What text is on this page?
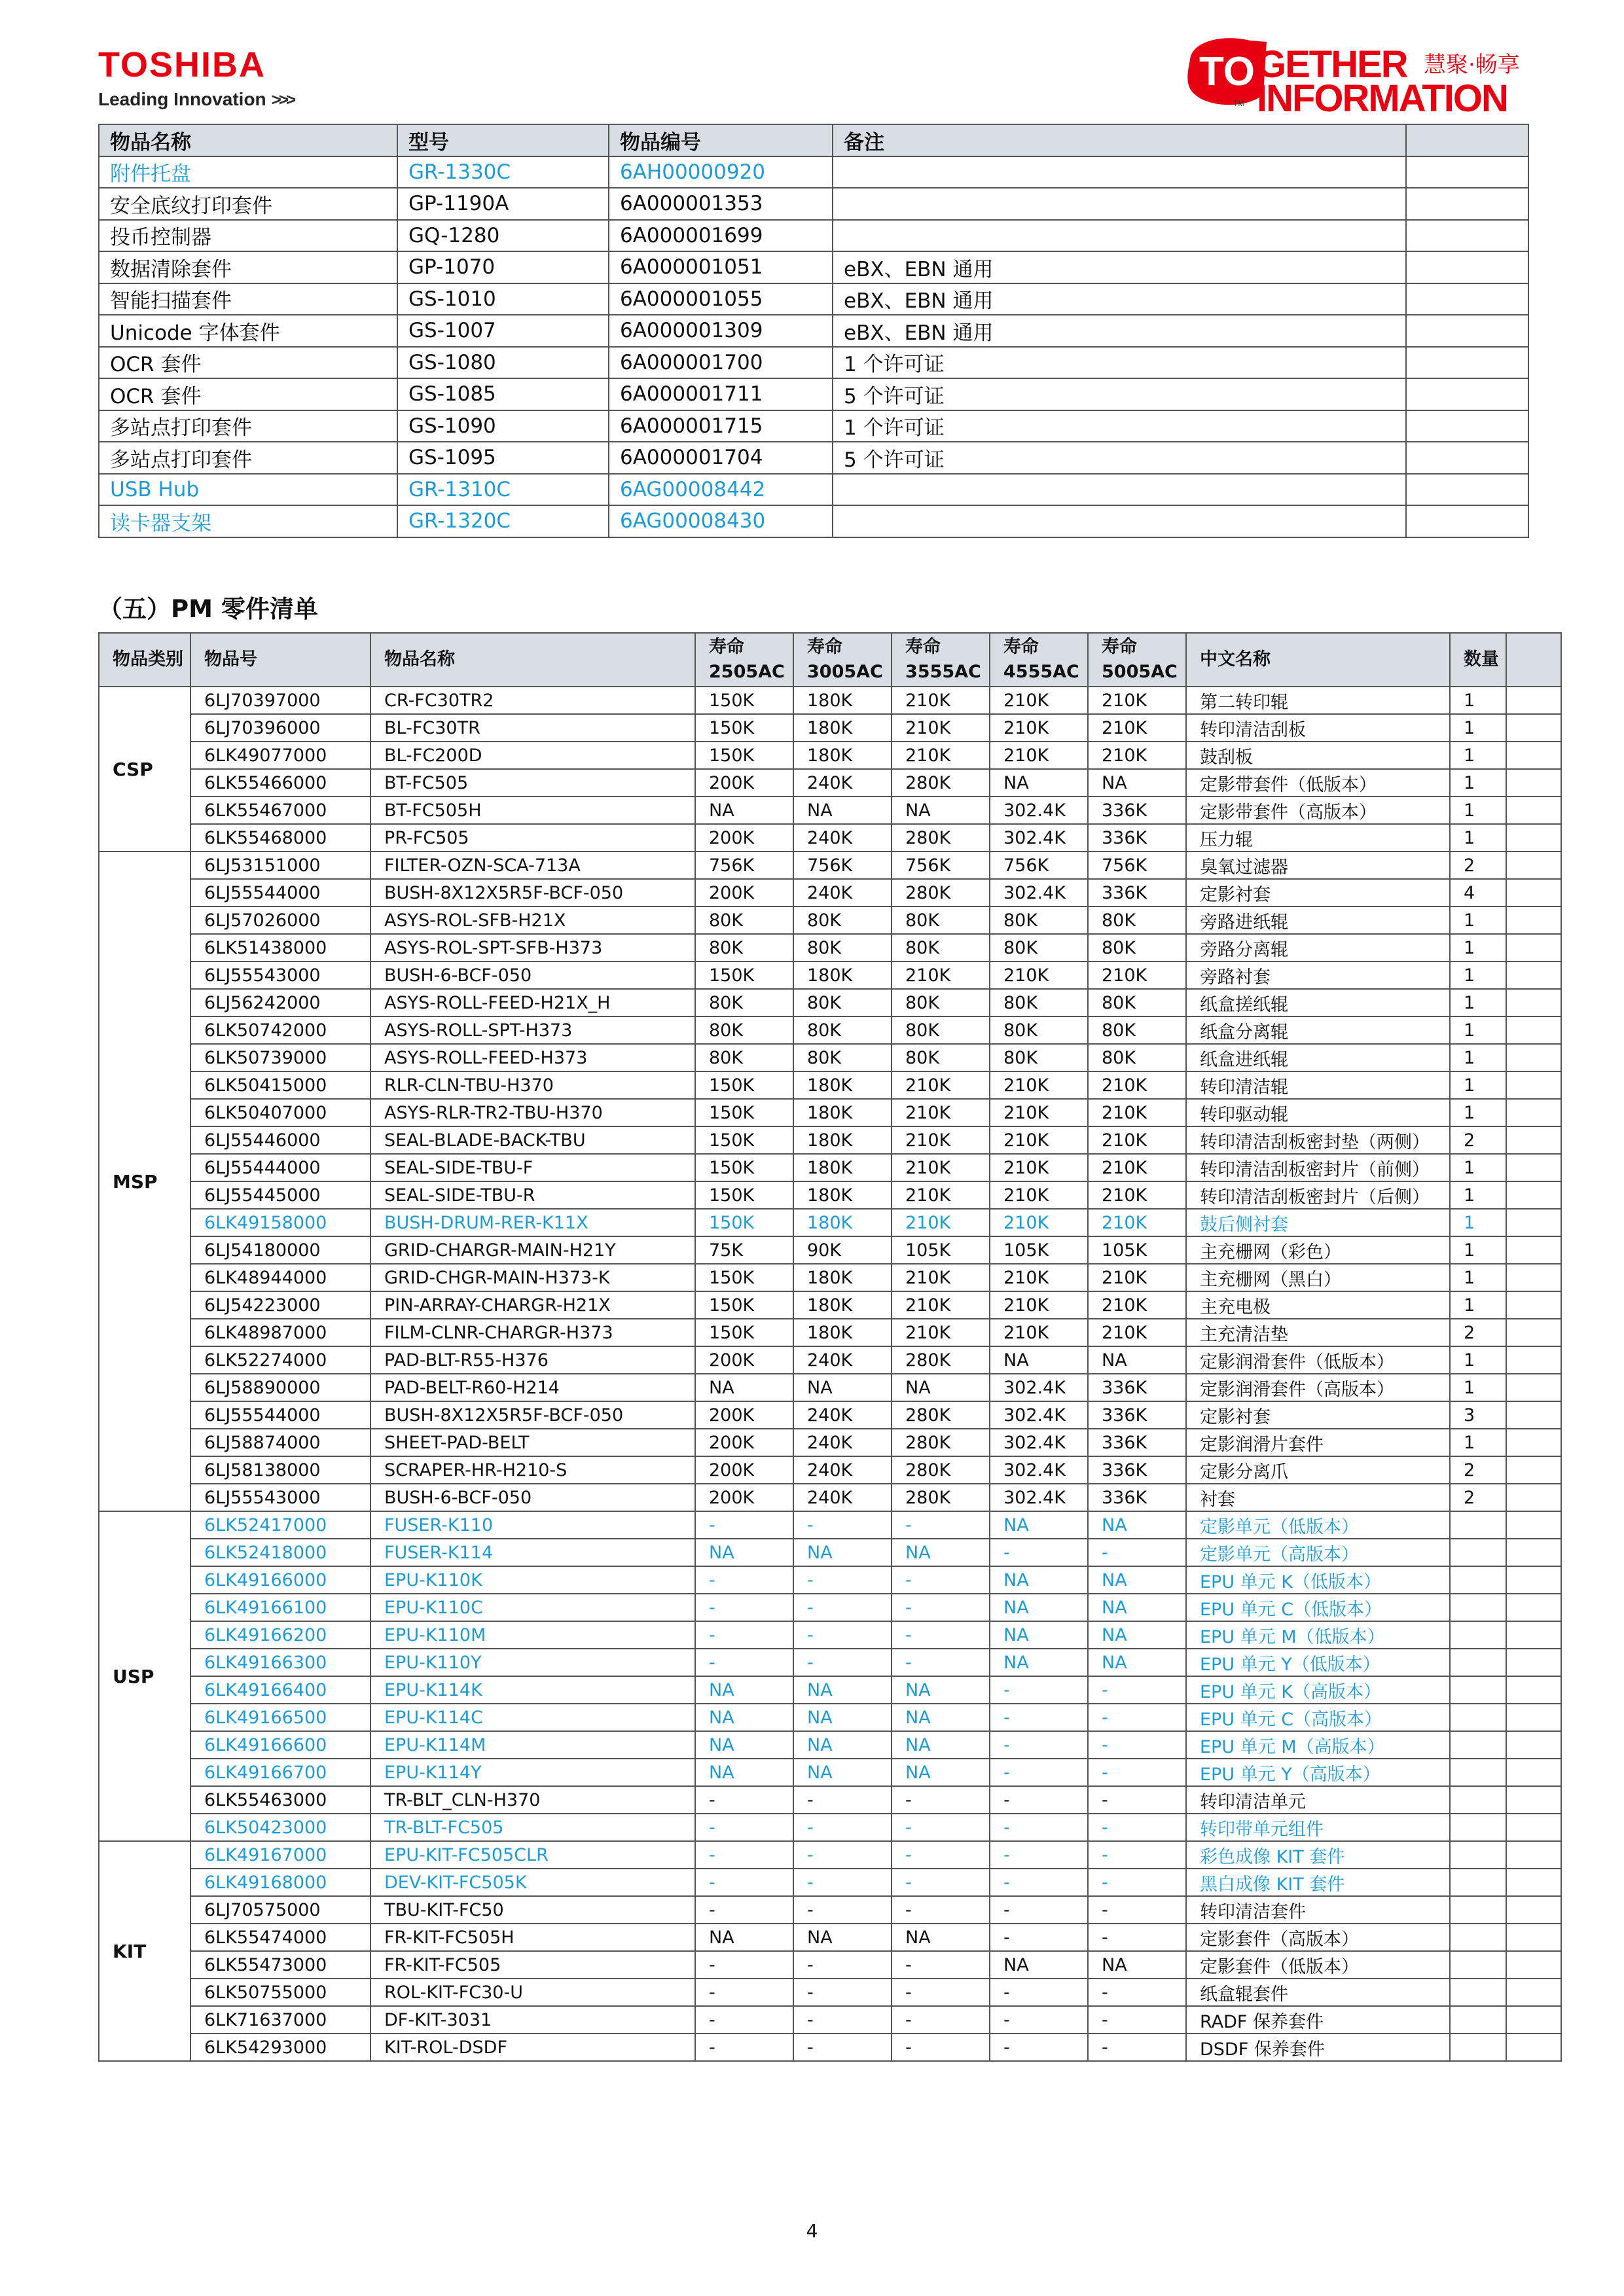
TOSHIBA
Leading Innovation >>>
TO GETHER
INFORMATION
慧聚·畅享
TM
物品名称	型号	物品编号	备注	
附件托盘	GR-1330C	6AH00000920		
安全底纹打印套件	GP-1190A	6A000001353		
投币控制器	GQ-1280	6A000001699		
数据清除套件	GP-1070	6A000001051	eBX、EBN 通用	
智能扫描套件	GS-1010	6A000001055	eBX、EBN 通用	
Unicode 字体套件	GS-1007	6A000001309	eBX、EBN 通用	
OCR 套件	GS-1080	6A000001700	1 个许可证	
OCR 套件	GS-1085	6A000001711	5 个许可证	
多站点打印套件	GS-1090	6A000001715	1 个许可证	
多站点打印套件	GS-1095	6A000001704	5 个许可证	
USB Hub	GR-1310C	6AG00008442		
读卡器支架	GR-1320C	6AG00008430		
（五）PM 零件清单
物品类别	物品号	物品名称	寿命 2505AC	寿命 3005AC	寿命 3555AC	寿命 4555AC	寿命 5005AC	中文名称	数量	
CSP	6LJ70397000	CR-FC30TR2	150K	180K	210K	210K	210K	第二转印辊	1	
	6LJ70396000	BL-FC30TR	150K	180K	210K	210K	210K	转印清洁刮板	1	
	6LK49077000	BL-FC200D	150K	180K	210K	210K	210K	鼓刮板	1	
	6LK55466000	BT-FC505	200K	240K	280K	NA	NA	定影带套件（低版本）	1	
	6LK55467000	BT-FC505H	NA	NA	NA	302.4K	336K	定影带套件（高版本）	1	
	6LK55468000	PR-FC505	200K	240K	280K	302.4K	336K	压力辊	1	
MSP	6LJ53151000	FILTER-OZN-SCA-713A	756K	756K	756K	756K	756K	臭氧过滤器	2	
	6LJ55544000	BUSH-8X12X5R5F-BCF-050	200K	240K	280K	302.4K	336K	定影衬套	4	
	6LJ57026000	ASYS-ROL-SFB-H21X	80K	80K	80K	80K	80K	旁路进纸辊	1	
	6LK51438000	ASYS-ROL-SPT-SFB-H373	80K	80K	80K	80K	80K	旁路分离辊	1	
	6LJ55543000	BUSH-6-BCF-050	150K	180K	210K	210K	210K	旁路衬套	1	
	6LJ56242000	ASYS-ROLL-FEED-H21X_H	80K	80K	80K	80K	80K	纸盒搓纸辊	1	
	6LK50742000	ASYS-ROLL-SPT-H373	80K	80K	80K	80K	80K	纸盒分离辊	1	
	6LK50739000	ASYS-ROLL-FEED-H373	80K	80K	80K	80K	80K	纸盒进纸辊	1	
	6LK50415000	RLR-CLN-TBU-H370	150K	180K	210K	210K	210K	转印清洁辊	1	
	6LK50407000	ASYS-RLR-TR2-TBU-H370	150K	180K	210K	210K	210K	转印驱动辊	1	
	6LJ55446000	SEAL-BLADE-BACK-TBU	150K	180K	210K	210K	210K	转印清洁刮板密封垫（两侧）	2	
	6LJ55444000	SEAL-SIDE-TBU-F	150K	180K	210K	210K	210K	转印清洁刮板密封片（前侧）	1	
	6LJ55445000	SEAL-SIDE-TBU-R	150K	180K	210K	210K	210K	转印清洁刮板密封片（后侧）	1	
	6LK49158000	BUSH-DRUM-RER-K11X	150K	180K	210K	210K	210K	鼓后侧衬套	1	
	6LJ54180000	GRID-CHARGR-MAIN-H21Y	75K	90K	105K	105K	105K	主充栅网（彩色）	1	
	6LK48944000	GRID-CHGR-MAIN-H373-K	150K	180K	210K	210K	210K	主充栅网（黑白）	1	
	6LJ54223000	PIN-ARRAY-CHARGR-H21X	150K	180K	210K	210K	210K	主充电极	1	
	6LK48987000	FILM-CLNR-CHARGR-H373	150K	180K	210K	210K	210K	主充清洁垫	2	
	6LK52274000	PAD-BLT-R55-H376	200K	240K	280K	NA	NA	定影润滑套件（低版本）	1	
	6LJ58890000	PAD-BELT-R60-H214	NA	NA	NA	302.4K	336K	定影润滑套件（高版本）	1	
	6LJ55544000	BUSH-8X12X5R5F-BCF-050	200K	240K	280K	302.4K	336K	定影衬套	3	
	6LJ58874000	SHEET-PAD-BELT	200K	240K	280K	302.4K	336K	定影润滑片套件	1	
	6LJ58138000	SCRAPER-HR-H210-S	200K	240K	280K	302.4K	336K	定影分离爪	2	
	6LJ55543000	BUSH-6-BCF-050	200K	240K	280K	302.4K	336K	衬套	2	
USP	6LK52417000	FUSER-K110	-	-	-	NA	NA	定影单元（低版本）		
	6LK52418000	FUSER-K114	NA	NA	NA	-	-	定影单元（高版本）		
	6LK49166000	EPU-K110K	-	-	-	NA	NA	EPU 单元 K（低版本）		
	6LK49166100	EPU-K110C	-	-	-	NA	NA	EPU 单元 C（低版本）		
	6LK49166200	EPU-K110M	-	-	-	NA	NA	EPU 单元 M（低版本）		
	6LK49166300	EPU-K110Y	-	-	-	NA	NA	EPU 单元 Y（低版本）		
	6LK49166400	EPU-K114K	NA	NA	NA	-	-	EPU 单元 K（高版本）		
	6LK49166500	EPU-K114C	NA	NA	NA	-	-	EPU 单元 C（高版本）		
	6LK49166600	EPU-K114M	NA	NA	NA	-	-	EPU 单元 M（高版本）		
	6LK49166700	EPU-K114Y	NA	NA	NA	-	-	EPU 单元 Y（高版本）		
	6LK55463000	TR-BLT_CLN-H370	-	-	-	-	-	转印清洁单元		
	6LK50423000	TR-BLT-FC505	-	-	-	-	-	转印带单元组件		
KIT	6LK49167000	EPU-KIT-FC505CLR	-	-	-	-	-	彩色成像 KIT 套件		
	6LK49168000	DEV-KIT-FC505K	-	-	-	-	-	黑白成像 KIT 套件		
	6LJ70575000	TBU-KIT-FC50	-	-	-	-	-	转印清洁套件		
	6LK55474000	FR-KIT-FC505H	NA	NA	NA	-	-	定影套件（高版本）		
	6LK55473000	FR-KIT-FC505	-	-	-	NA	NA	定影套件（低版本）		
	6LK50755000	ROL-KIT-FC30-U	-	-	-	-	-	纸盒辊套件		
	6LK71637000	DF-KIT-3031	-	-	-	-	-	RADF 保养套件		
	6LK54293000	KIT-ROL-DSDF	-	-	-	-	-	DSDF 保养套件		
4
